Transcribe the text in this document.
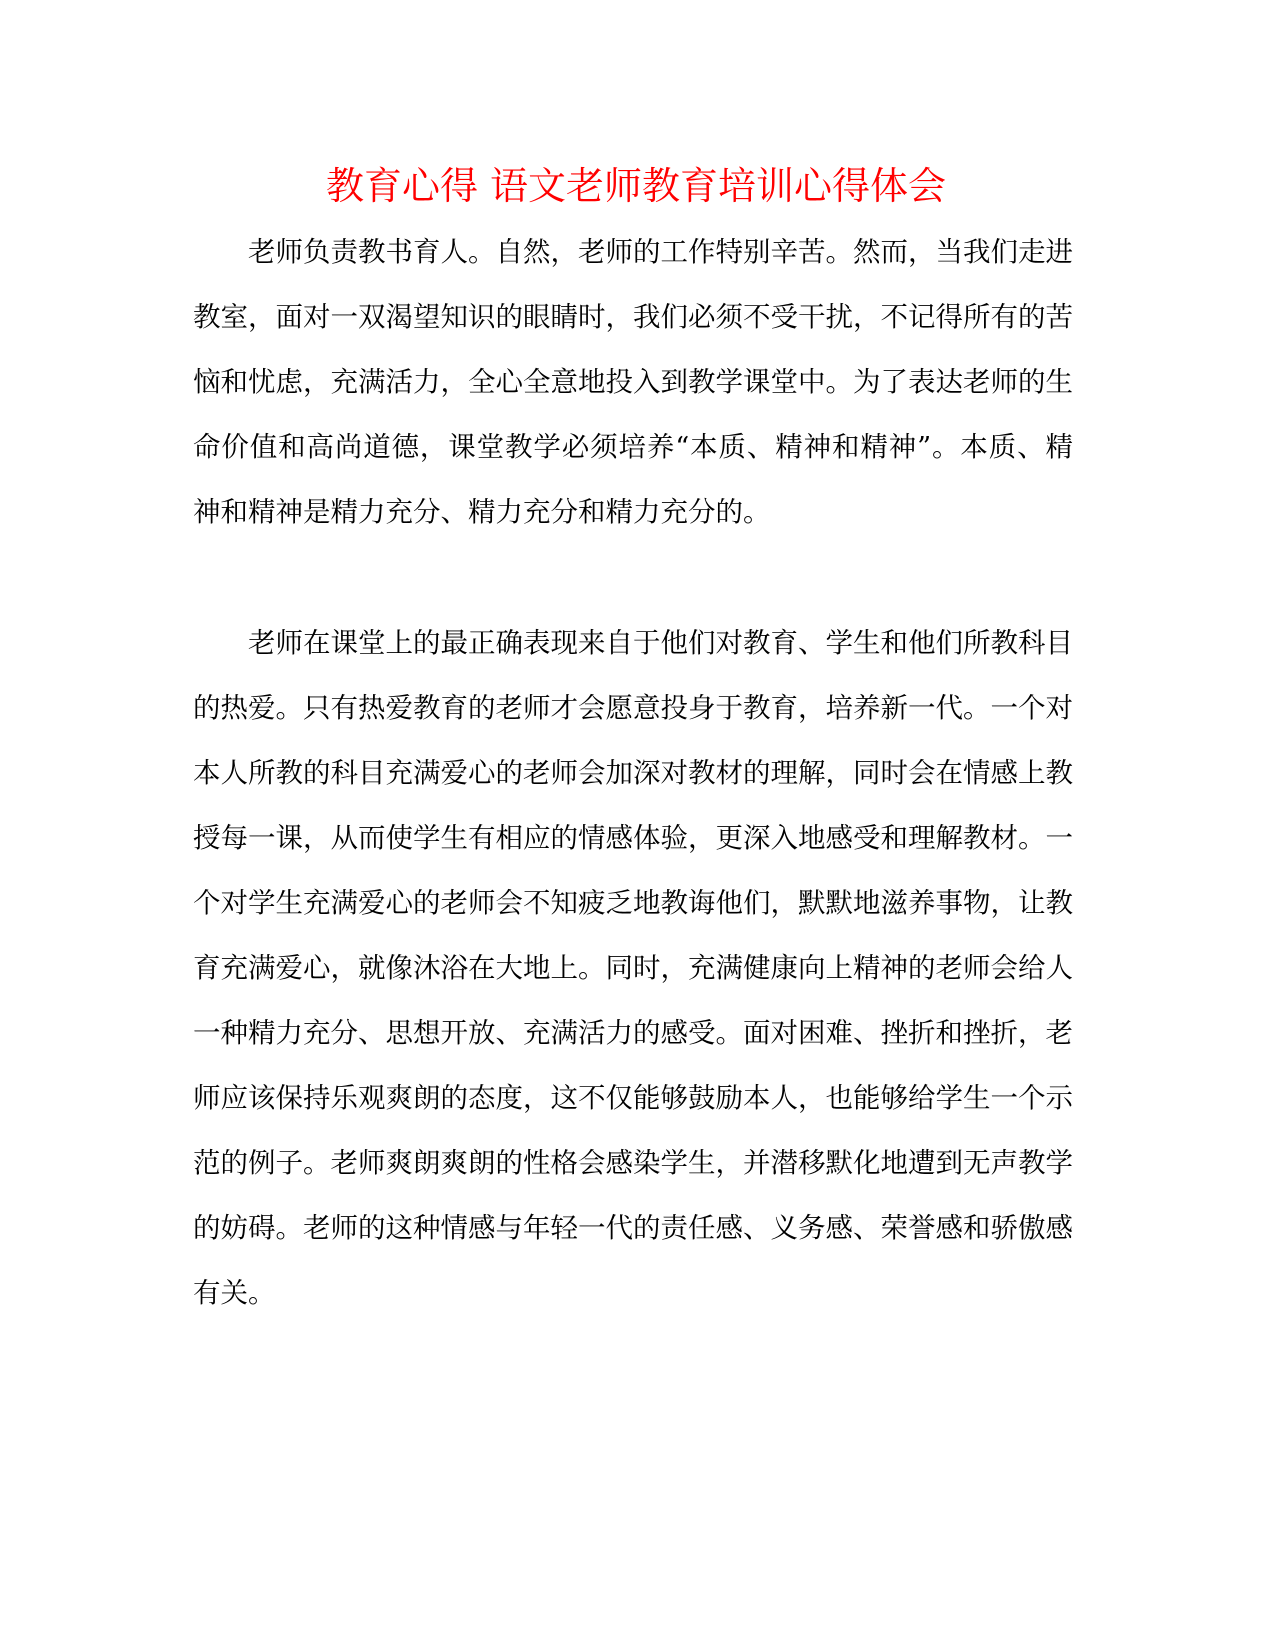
教育心得 语文老师教育培训心得体会

老师负责教书育人。自然，老师的工作特别辛苦。然而，当我们走进教室，面对一双渴望知识的眼睛时，我们必须不受干扰，不记得所有的苦恼和忧虑，充满活力，全心全意地投入到教学课堂中。为了表达老师的生命价值和高尚道德，课堂教学必须培养“本质、精神和精神”。本质、精神和精神是精力充分、精力充分和精力充分的。

老师在课堂上的最正确表现来自于他们对教育、学生和他们所教科目的热爱。只有热爱教育的老师才会愿意投身于教育，培养新一代。一个对本人所教的科目充满爱心的老师会加深对教材的理解，同时会在情感上教授每一课，从而使学生有相应的情感体验，更深入地感受和理解教材。一个对学生充满爱心的老师会不知疲乏地教诲他们，默默地滋养事物，让教育充满爱心，就像沐浴在大地上。同时，充满健康向上精神的老师会给人一种精力充分、思想开放、充满活力的感受。面对困难、挫折和挫折，老师应该保持乐观爽朗的态度，这不仅能够鼓励本人，也能够给学生一个示范的例子。老师爽朗爽朗的性格会感染学生，并潜移默化地遭到无声教学的妨碍。老师的这种情感与年轻一代的责任感、义务感、荣誉感和骄傲感有关。
